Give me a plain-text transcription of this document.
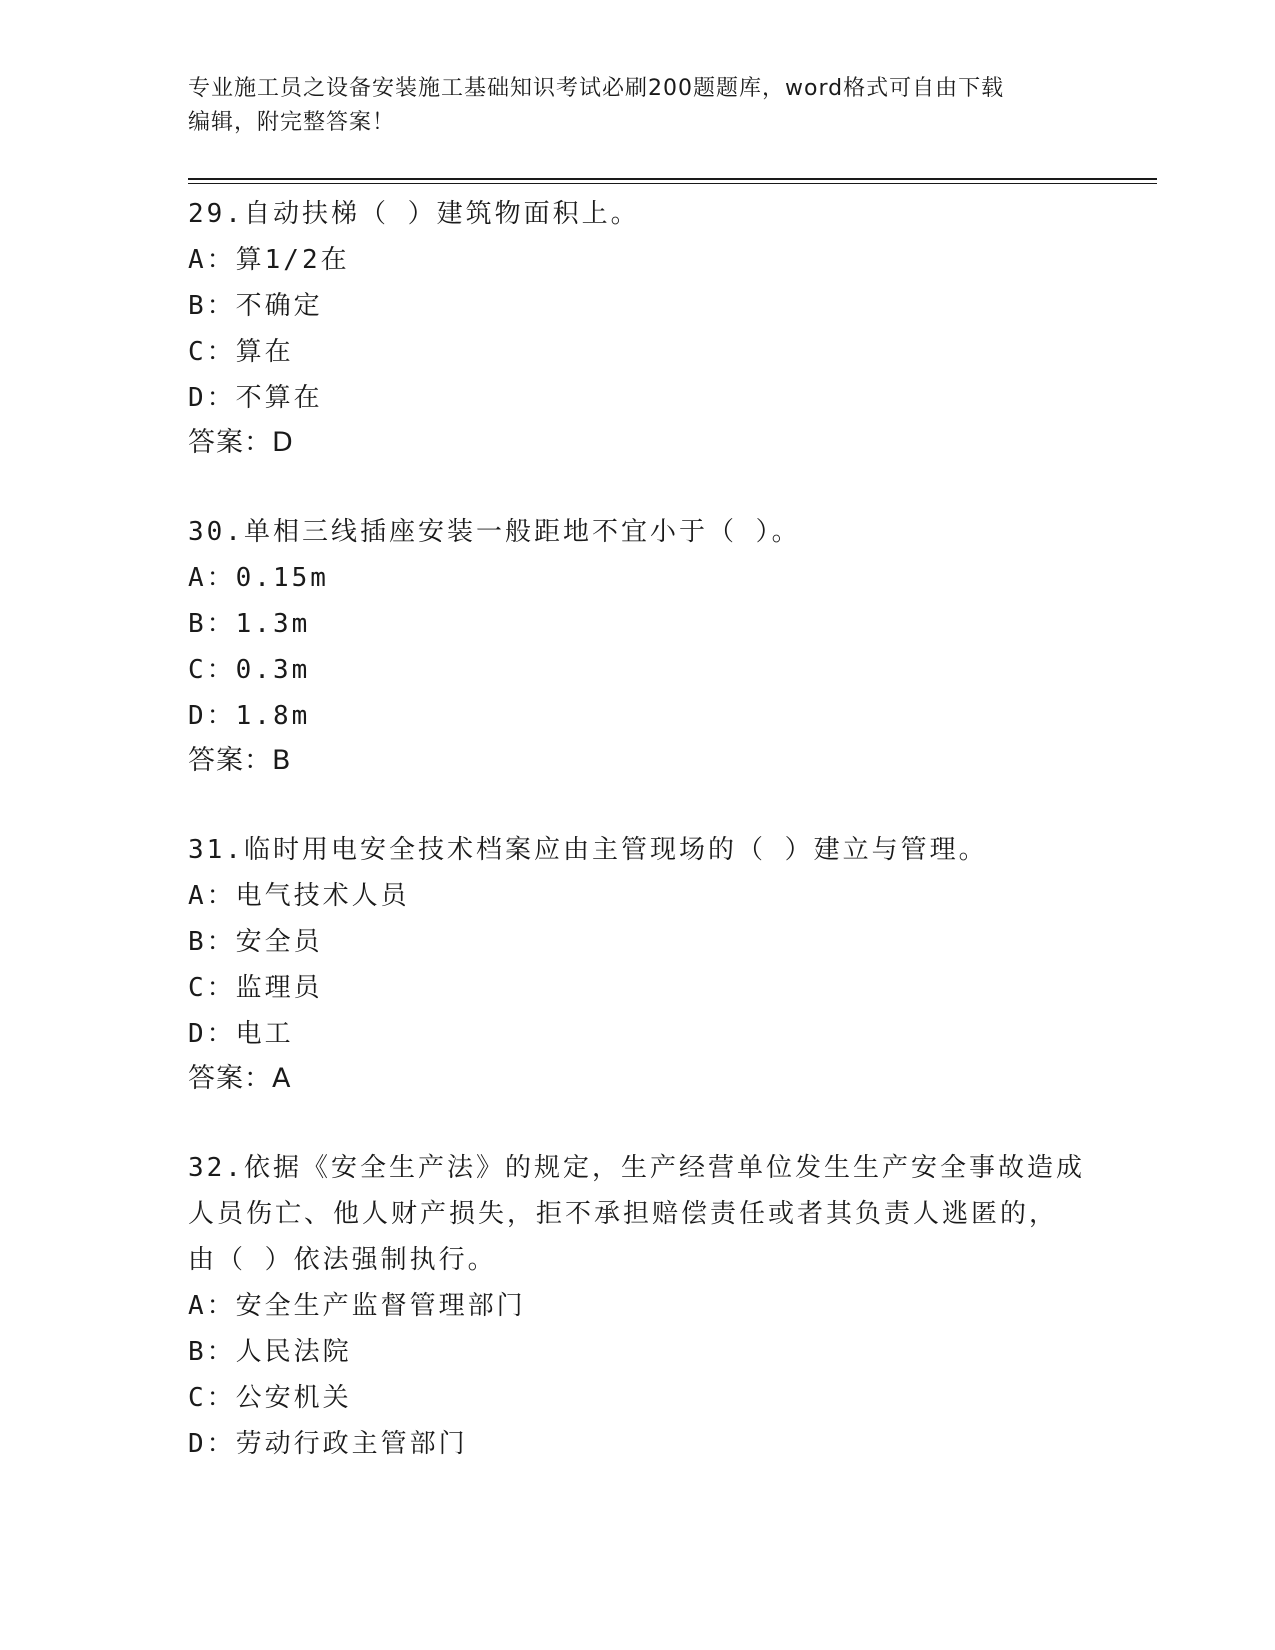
专业施工员之设备安装施工基础知识考试必刷200题题库，word格式可自由下载
编辑，附完整答案！
29.自动扶梯（ ）建筑物面积上。
A：算1/2在
B：不确定
C：算在
D：不算在
答案：D
30.单相三线插座安装一般距地不宜小于（ ）。
A：0.15m
B：1.3m
C：0.3m
D：1.8m
答案：B
31.临时用电安全技术档案应由主管现场的（ ）建立与管理。
A：电气技术人员
B：安全员
C：监理员
D：电工
答案：A
32.依据《安全生产法》的规定，生产经营单位发生生产安全事故造成
人员伤亡、他人财产损失，拒不承担赔偿责任或者其负责人逃匿的，
由（ ）依法强制执行。
A：安全生产监督管理部门
B：人民法院
C：公安机关
D：劳动行政主管部门
